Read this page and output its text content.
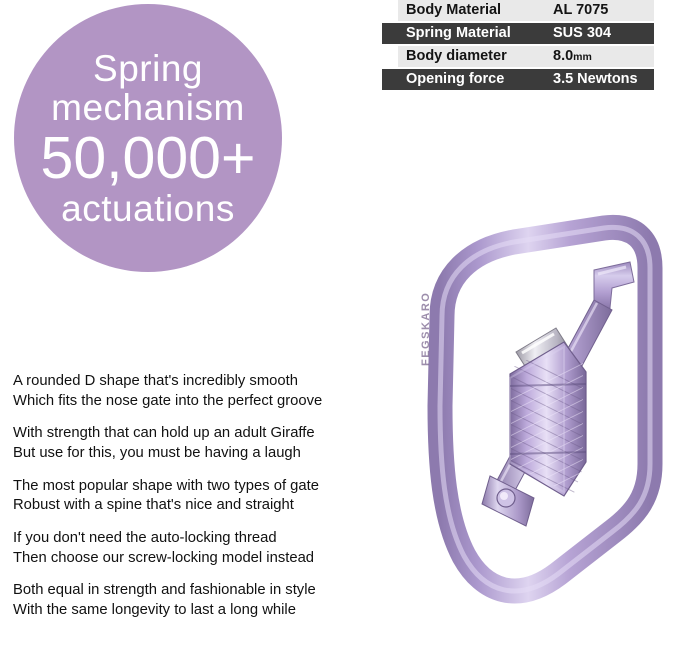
Spring
mechanism
50,000+
actuations
	Body Material	AL 7075

	Spring Material	SUS 304

	Body diameter	8.0mm

	Opening force	3.5 Newtons
A rounded D shape that's incredibly smooth
Which fits the nose gate into the perfect groove
With strength that can hold up an adult Giraffe
But use for this, you must be having a laugh
The most popular shape with two types of gate
Robust with a spine that's nice and straight
If you don't need the auto-locking thread
Then choose our screw-locking model instead
Both equal in strength and fashionable in style
With the same longevity to last a long while
FEGSKARO
